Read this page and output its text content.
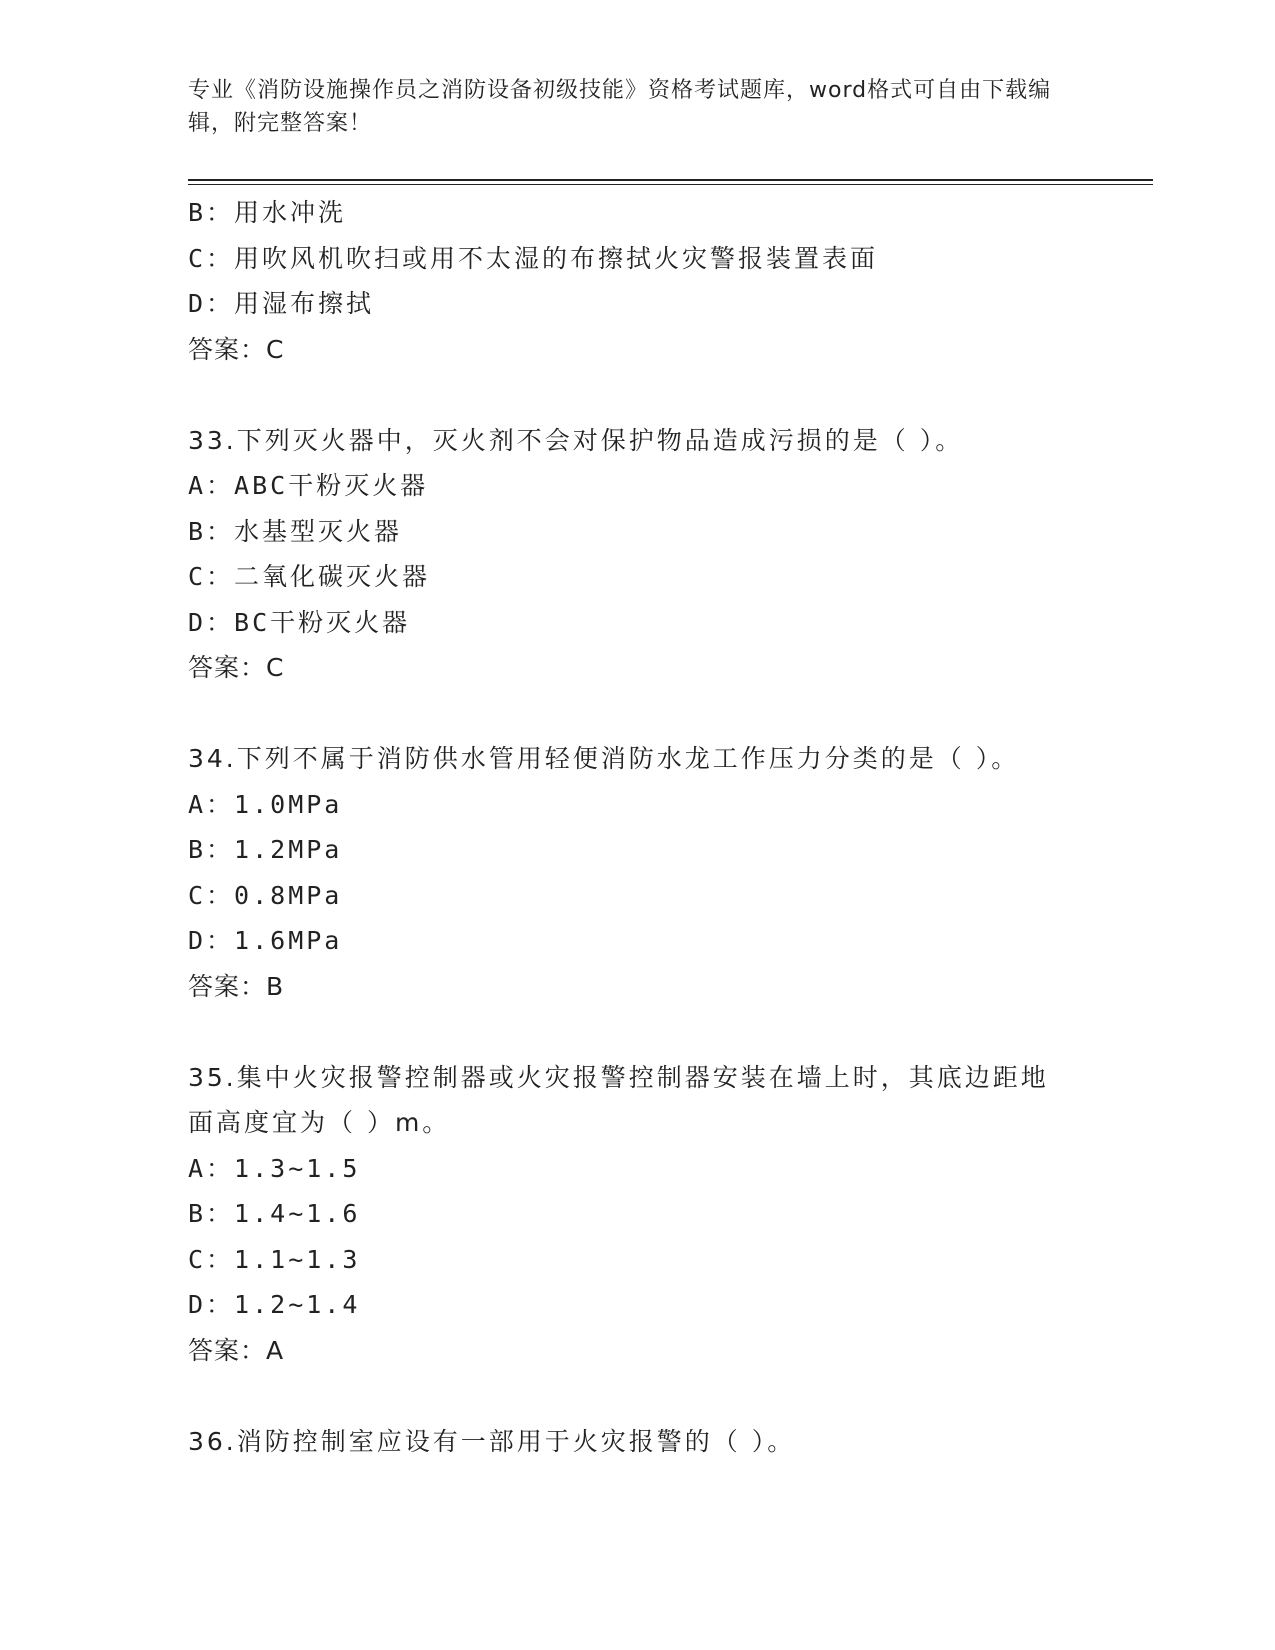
专业《消防设施操作员之消防设备初级技能》资格考试题库，word格式可自由下载编辑，附完整答案！
B：用水冲洗
C：用吹风机吹扫或用不太湿的布擦拭火灾警报装置表面
D：用湿布擦拭
答案：C
33.下列灭火器中，灭火剂不会对保护物品造成污损的是（ ）。
A：ABC干粉灭火器
B：水基型灭火器
C：二氧化碳灭火器
D：BC干粉灭火器
答案：C
34.下列不属于消防供水管用轻便消防水龙工作压力分类的是（ ）。
A：1.0MPa
B：1.2MPa
C：0.8MPa
D：1.6MPa
答案：B
35.集中火灾报警控制器或火灾报警控制器安装在墙上时，其底边距地
面高度宜为（ ）m。
A：1.3~1.5
B：1.4~1.6
C：1.1~1.3
D：1.2~1.4
答案：A
36.消防控制室应设有一部用于火灾报警的（ ）。
